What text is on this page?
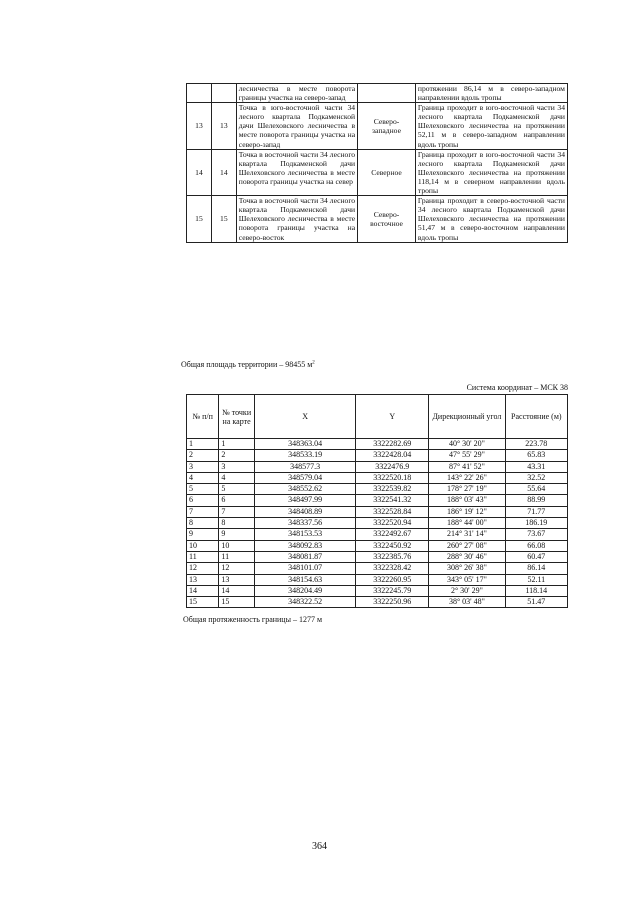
		лесничества в месте поворота границы участка на северо-запад		протяжении 86,14 м в северо-западном направлении вдоль тропы
13	13	Точка в юго-восточной части 34 лесного квартала Подкаменской дачи Шелеховского лесничества в месте поворота границы участка на северо-запад	Северо-западное	Граница проходит в юго-восточной части 34 лесного квартала Подкаменской дачи Шелеховского лесничества на протяжении 52,11 м в северо-западном направлении вдоль тропы
14	14	Точка в восточной части 34 лесного квартала Подкаменской дачи Шелеховского лесничества в месте поворота границы участка на север	Северное	Граница проходит в юго-восточной части 34 лесного квартала Подкаменской дачи Шелеховского лесничества на протяжении 118,14 м в северном направлении вдоль тропы
15	15	Точка в восточной части 34 лесного квартала Подкаменской дачи Шелеховского лесничества в месте поворота границы участка на северо-восток	Северо-восточное	Граница проходит в северо-восточной части 34 лесного квартала Подкаменской дачи Шелеховского лесничества на протяжении 51,47 м в северо-восточном направлении вдоль тропы
Общая площадь территории – 98455 $м^2$
Система координат – МСК 38
№ п/п	№ точки на карте	X	Y	Дирекционный угол	Расстояние (м)
1	1	348363.04	3322282.69	40° 30' 20"	223.78
2	2	348533.19	3322428.04	47° 55' 29"	65.83
3	3	348577.3	3322476.9	87° 41' 52"	43.31
4	4	348579.04	3322520.18	143° 22' 26"	32.52
5	5	348552.62	3322539.82	178° 27' 19"	55.64
6	6	348497.99	3322541.32	188° 03' 43"	88.99
7	7	348408.89	3322528.84	186° 19' 12"	71.77
8	8	348337.56	3322520.94	188° 44' 00"	186.19
9	9	348153.53	3322492.67	214° 31' 14"	73.67
10	10	348092.83	3322450.92	260° 27' 08"	66.08
11	11	348081.87	3322385.76	288° 30' 46"	60.47
12	12	348101.07	3322328.42	308° 26' 38"	86.14
13	13	348154.63	3322260.95	343° 05' 17"	52.11
14	14	348204.49	3322245.79	2° 30' 29"	118.14
15	15	348322.52	3322250.96	38° 03' 48"	51.47
Общая протяженность границы – 1277 м
364
